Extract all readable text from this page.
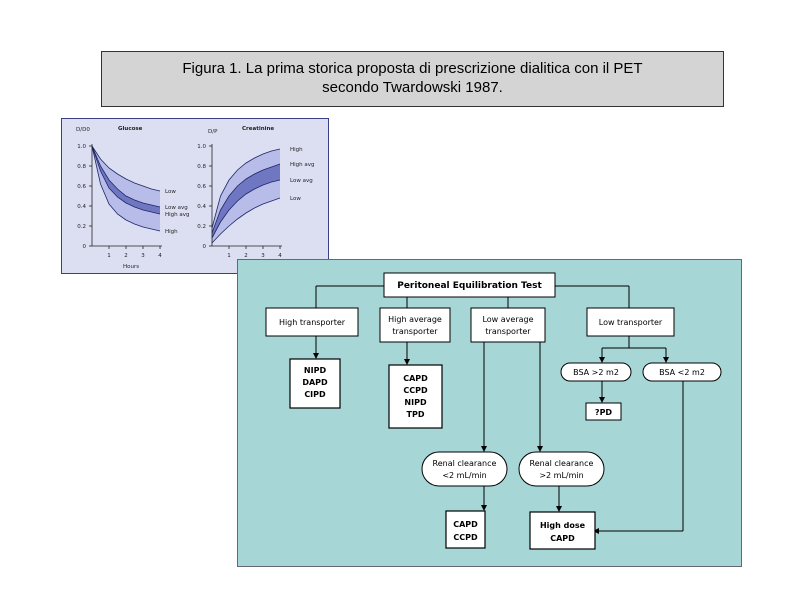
Figura 1. La prima storica proposta di prescrizione dialitica con il PET
secondo Twardowski 1987.
D/D0	Glucose
Hours
D/P	Creatinine
Low
Low avg
High avg
High
0
0.2
0.4
0.6
0.8
1.0
1 2 3 4
High
High avg
Low avg
Low
0
0.2
0.4
0.6
0.8
1.0
1 2 3 4
Peritoneal Equilibration Test
High transporter	High average
transporter
Low average
transporter
Low transporter
NIPD
DAPD
CIPD
CAPD
CCPD
NIPD
TPD
BSA >2 m2	BSA <2 m2
?PD
Renal clearance
<2 mL/min
Renal clearance
>2 mL/min
CAPD
CCPD
High dose
CAPD
